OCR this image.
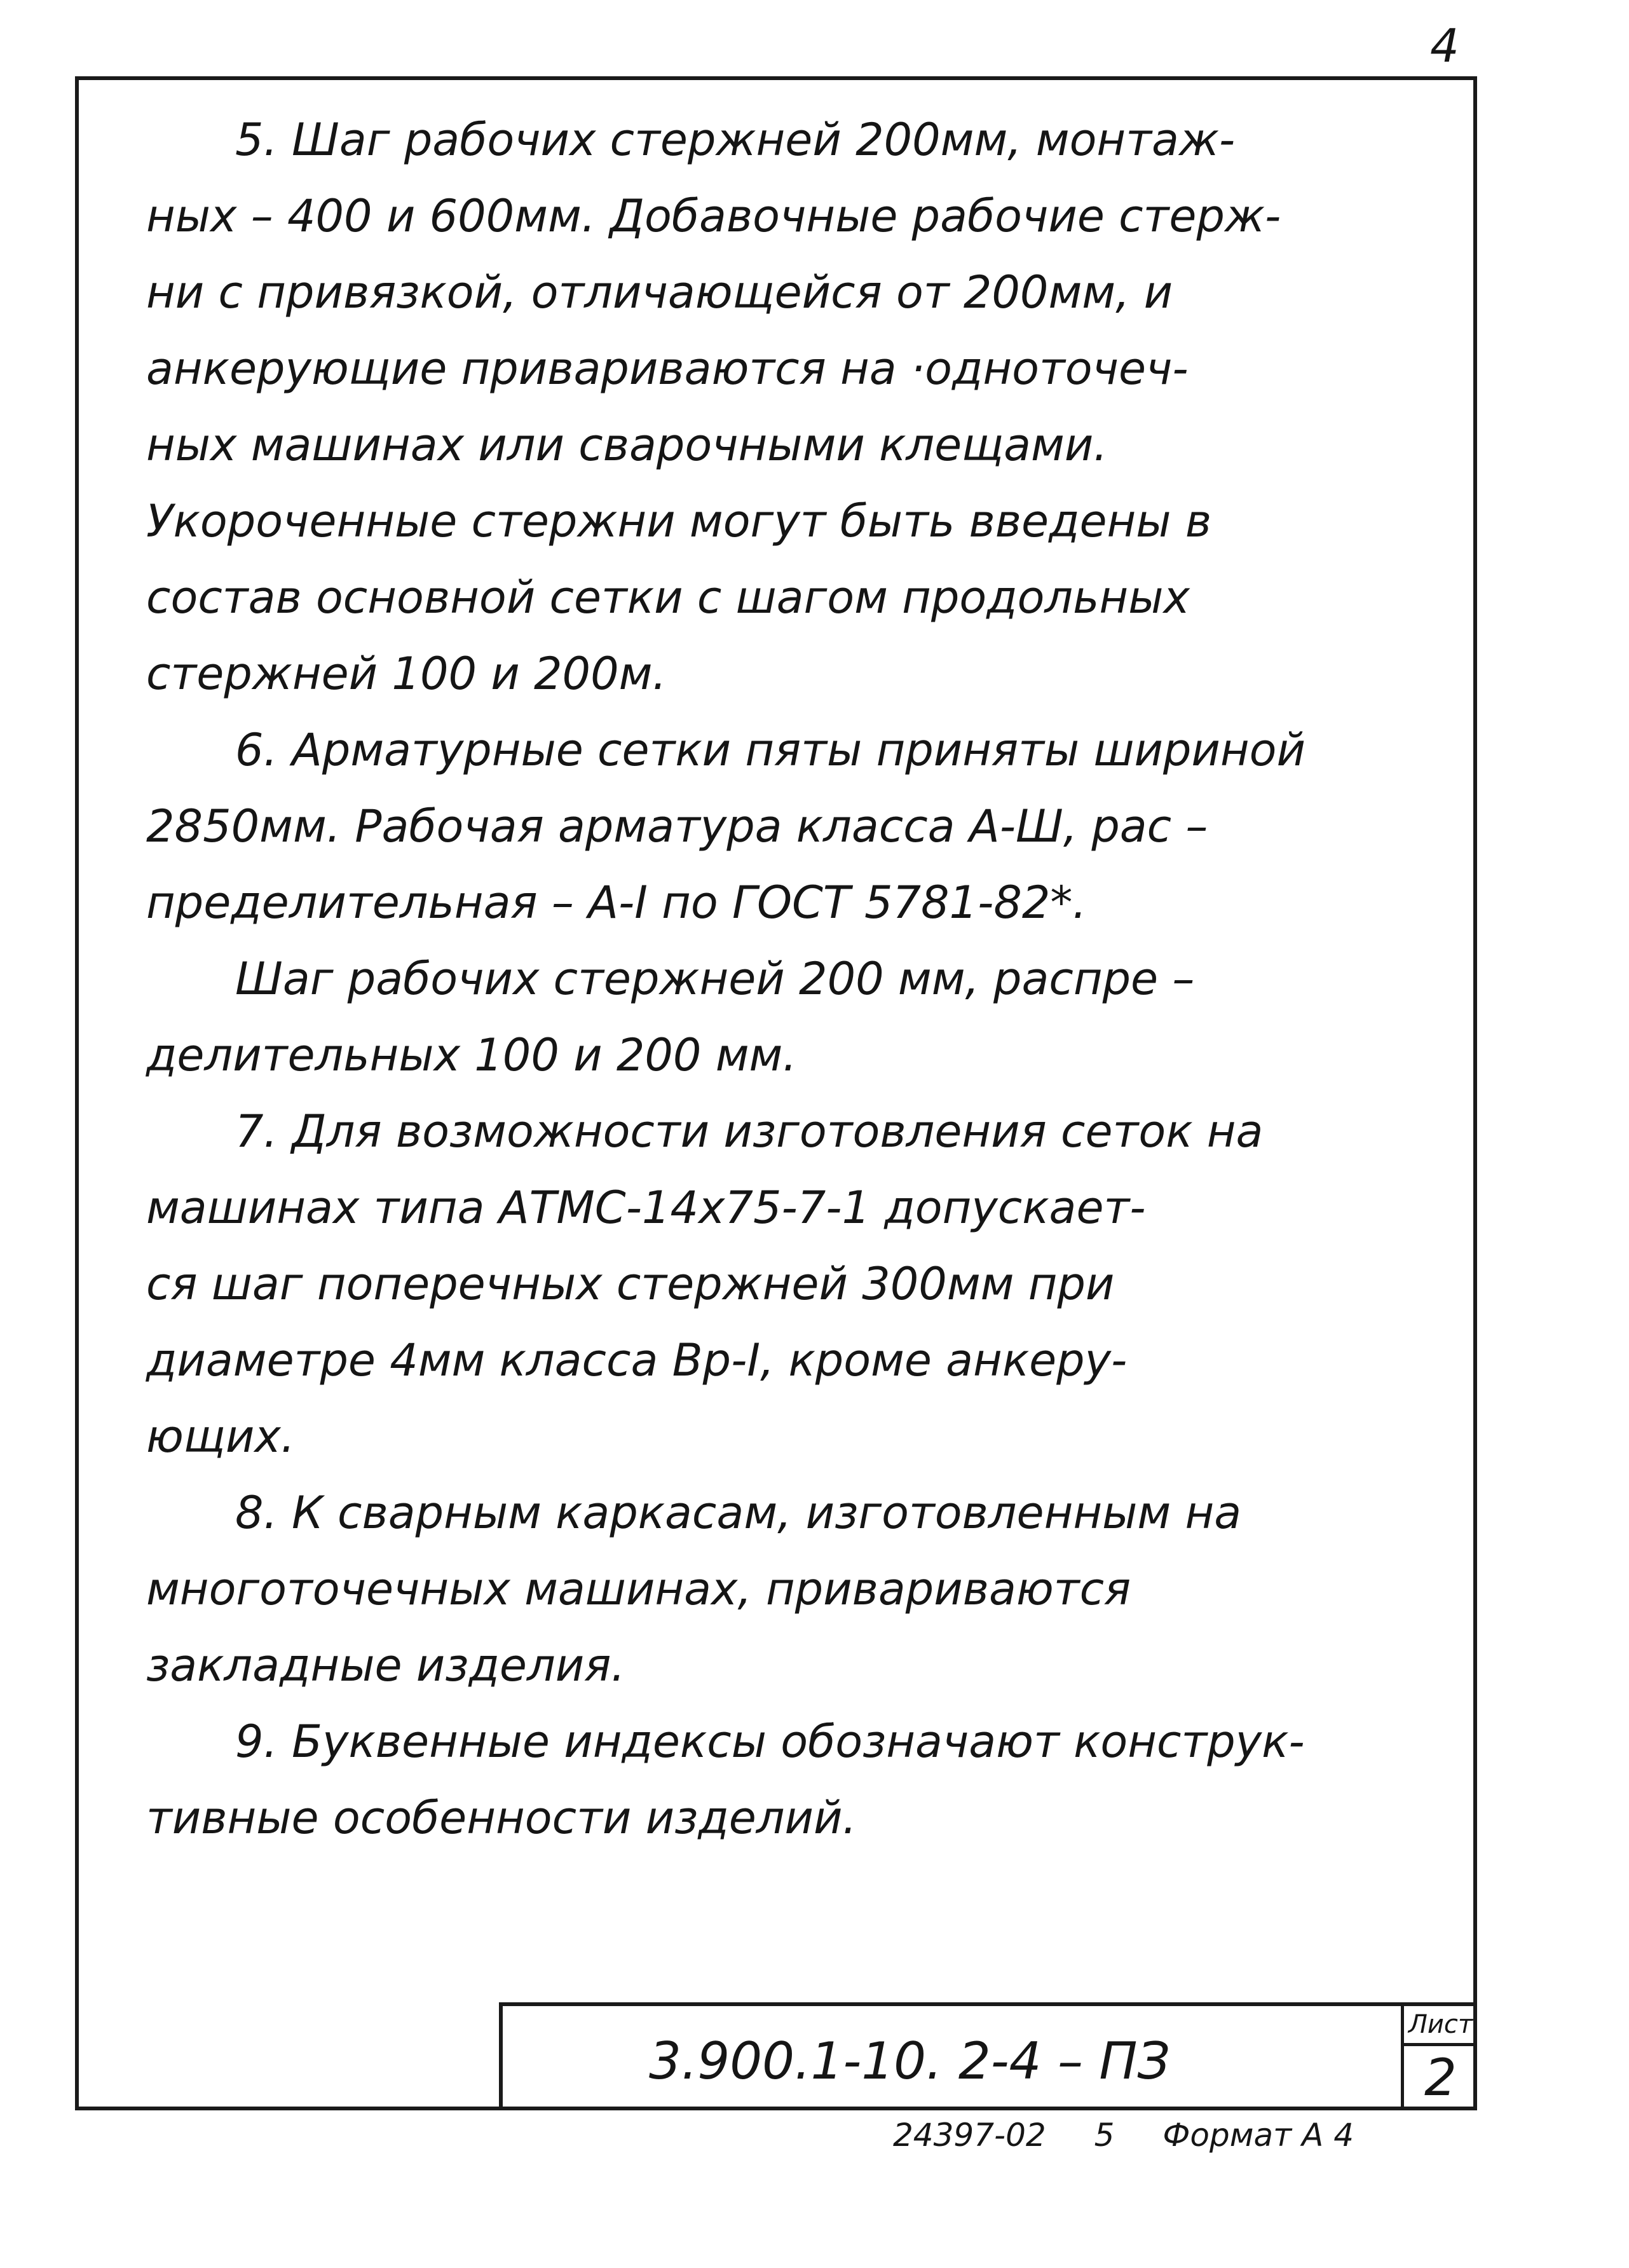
4

5. Шаг рабочих стержней 200мм, монтаж-
ных – 400 и 600мм. Добавочные рабочие стерж-
ни с привязкой, отличающейся от 200мм, и
анкерующие привариваются на ·одноточеч-
ных машинах или сварочными клещами.
Укороченные стержни могут быть введены в
состав основной сетки с шагом продольных
стержней 100 и 200м.

6. Арматурные сетки пяты приняты шириной
2850мм. Рабочая арматура класса А-Ш, рас –
пределительная – А-I по ГОСТ 5781-82*.

Шаг рабочих стержней 200 мм, распре –
делительных 100 и 200 мм.

7. Для возможности изготовления сеток на
машинах типа АТМС-14х75-7-1 допускает-
ся шаг поперечных стержней 300мм при
диаметре 4мм класса Вр-I, кроме анкеру-
ющих.

8. К сварным каркасам, изготовленным на
многоточечных машинах, привариваются
закладные изделия.

9. Буквенные индексы обозначают конструк-
тивные особенности изделий.

3.900.1-10. 2-4 – ПЗ
Лист
2
24397-02 5 Формат А 4
